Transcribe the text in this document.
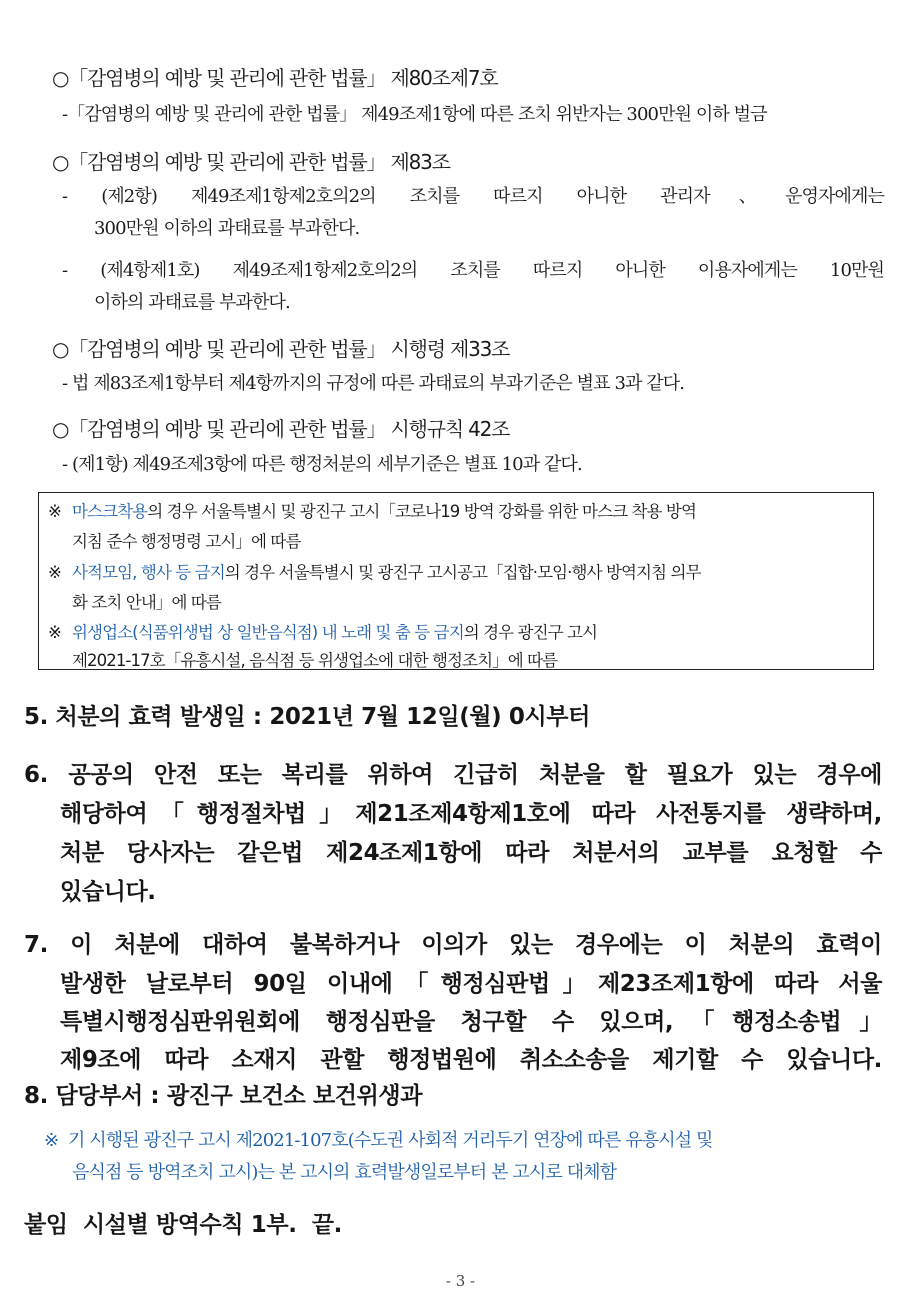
○「감염병의 예방 및 관리에 관한 법률」 제80조제7호
-「감염병의 예방 및 관리에 관한 법률」 제49조제1항에 따른 조치 위반자는 300만원 이하 벌금
○「감염병의 예방 및 관리에 관한 법률」 제83조
- (제2항) 제49조제1항제2호의2의 조치를 따르지 아니한 관리자、운영자에게는
300만원 이하의 과태료를 부과한다.
- (제4항제1호) 제49조제1항제2호의2의 조치를 따르지 아니한 이용자에게는 10만원
이하의 과태료를 부과한다.
○「감염병의 예방 및 관리에 관한 법률」 시행령 제33조
- 법 제83조제1항부터 제4항까지의 규정에 따른 과태료의 부과기준은 별표 3과 같다.
○「감염병의 예방 및 관리에 관한 법률」 시행규칙 42조
- (제1항) 제49조제3항에 따른 행정처분의 세부기준은 별표 10과 같다.
※ 마스크착용의 경우 서울특별시 및 광진구 고시「코로나19 방역 강화를 위한 마스크 착용 방역
지침 준수 행정명령 고시」에 따름
※ 사적모임, 행사 등 금지의 경우 서울특별시 및 광진구 고시공고「집합·모임·행사 방역지침 의무
화 조치 안내」에 따름
※ 위생업소(식품위생법 상 일반음식점) 내 노래 및 춤 등 금지의 경우 광진구 고시
제2021-17호「유흥시설, 음식점 등 위생업소에 대한 행정조치」에 따름
5. 처분의 효력 발생일 : 2021년 7월 12일(월) 0시부터
6. 공공의 안전 또는 복리를 위하여 긴급히 처분을 할 필요가 있는 경우에
해당하여「행정절차법」제21조제4항제1호에 따라 사전통지를 생략하며,
처분 당사자는 같은법 제24조제1항에 따라 처분서의 교부를 요청할 수
있습니다.
7. 이 처분에 대하여 불복하거나 이의가 있는 경우에는 이 처분의 효력이
발생한 날로부터 90일 이내에「행정심판법」제23조제1항에 따라 서울
특별시행정심판위원회에 행정심판을 청구할 수 있으며,「행정소송법」
제9조에 따라 소재지 관할 행정법원에 취소소송을 제기할 수 있습니다.
8. 담당부서 : 광진구 보건소 보건위생과
※ 기 시행된 광진구 고시 제2021-107호(수도권 사회적 거리두기 연장에 따른 유흥시설 및
음식점 등 방역조치 고시)는 본 고시의 효력발생일로부터 본 고시로 대체함
붙임  시설별 방역수칙 1부.  끝.
- 3 -
